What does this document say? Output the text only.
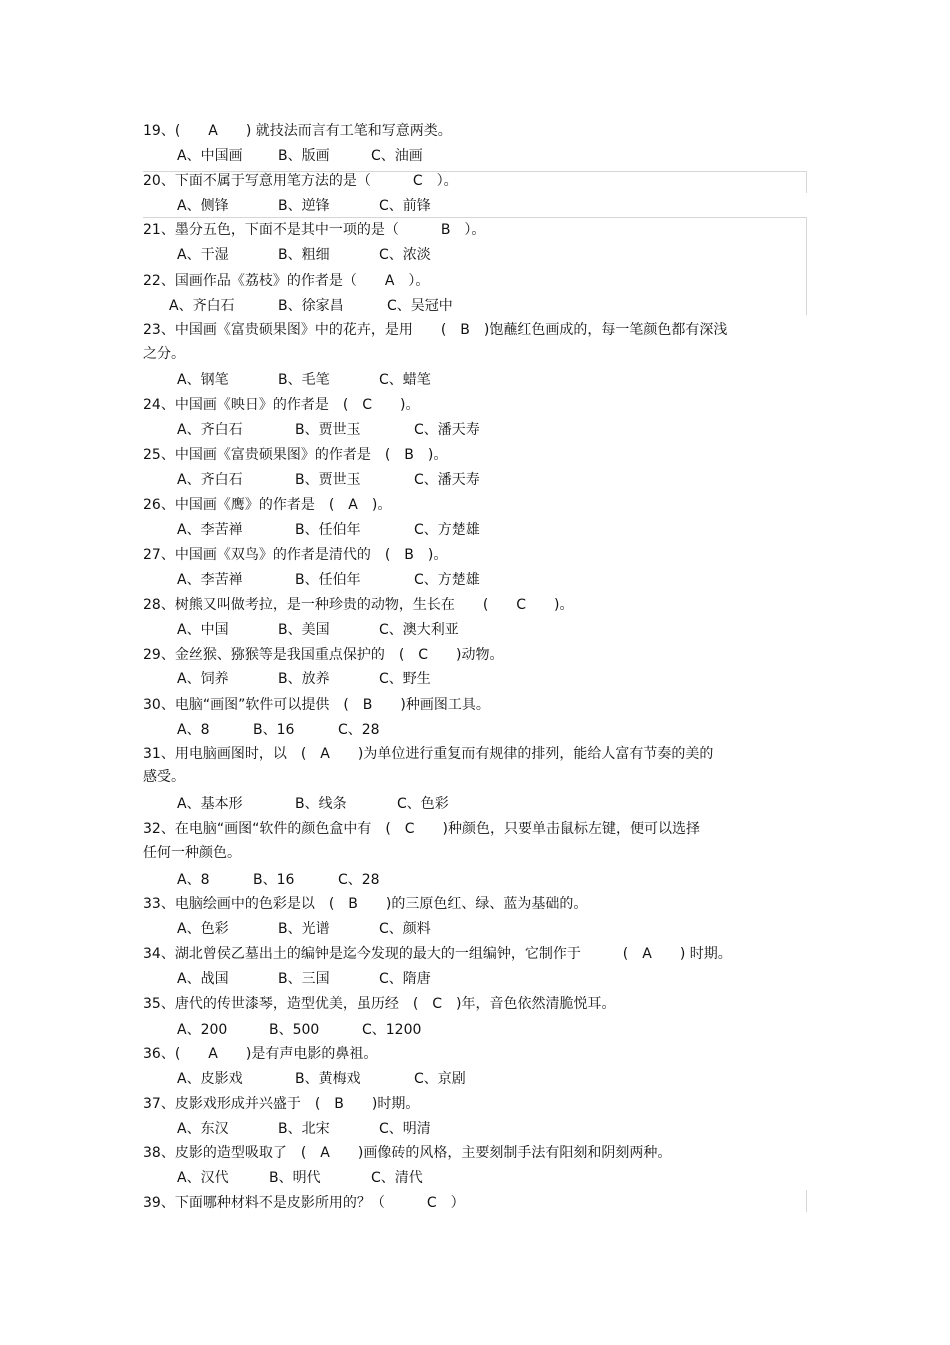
19、(　　A　　) 就技法而言有工笔和写意两类。
A、中国画	B、版画	C、油画
20、下面不属于写意用笔方法的是（　　　C　）。
A、侧锋	B、逆锋	C、前锋
21、墨分五色，下面不是其中一项的是（　　　B　）。
A、干湿	B、粗细	C、浓淡
22、国画作品《荔枝》的作者是（　　A　）。
A、齐白石	B、徐家昌	C、吴冠中
23、中国画《富贵硕果图》中的花卉，是用　　(　B　)饱蘸红色画成的，每一笔颜色都有深浅
之分。
A、钢笔	B、毛笔	C、蜡笔
24、中国画《映日》的作者是　(　C　　)。
A、齐白石	B、贾世玉	C、潘天寿
25、中国画《富贵硕果图》的作者是　(　B　)。
A、齐白石	B、贾世玉	C、潘天寿
26、中国画《鹰》的作者是　(　A　)。
A、李苦禅	B、任伯年	C、方楚雄
27、中国画《双鸟》的作者是清代的　(　B　)。
A、李苦禅	B、任伯年	C、方楚雄
28、树熊又叫做考拉，是一种珍贵的动物，生长在　　(　　C　　)。
A、中国	B、美国	C、澳大利亚
29、金丝猴、猕猴等是我国重点保护的　(　C　　)动物。
A、饲养	B、放养	C、野生
30、电脑“画图”软件可以提供　(　B　　)种画图工具。
A、8	B、16	C、28
31、用电脑画图时，以　(　A　　)为单位进行重复而有规律的排列，能给人富有节奏的美的
感受。
A、基本形	B、线条	C、色彩
32、在电脑“画图“软件的颜色盒中有　(　C　　)种颜色，只要单击鼠标左键，便可以选择
任何一种颜色。
A、8	B、16	C、28
33、电脑绘画中的色彩是以　(　B　　)的三原色红、绿、蓝为基础的。
A、色彩	B、光谱	C、颜料
34、湖北曾侯乙墓出土的编钟是迄今发现的最大的一组编钟，它制作于　　　(　A　　) 时期。
A、战国	B、三国	C、隋唐
35、唐代的传世漆琴，造型优美，虽历经　(　C　)年，音色依然清脆悦耳。
A、200	B、500	C、1200
36、(　　A　　)是有声电影的鼻祖。
A、皮影戏	B、黄梅戏	C、京剧
37、皮影戏形成并兴盛于　(　B　　)时期。
A、东汉	B、北宋	C、明清
38、皮影的造型吸取了　(　A　　)画像砖的风格，主要刻制手法有阳刻和阴刻两种。
A、汉代	B、明代	C、清代
39、下面哪种材料不是皮影所用的？（　　　C　）
